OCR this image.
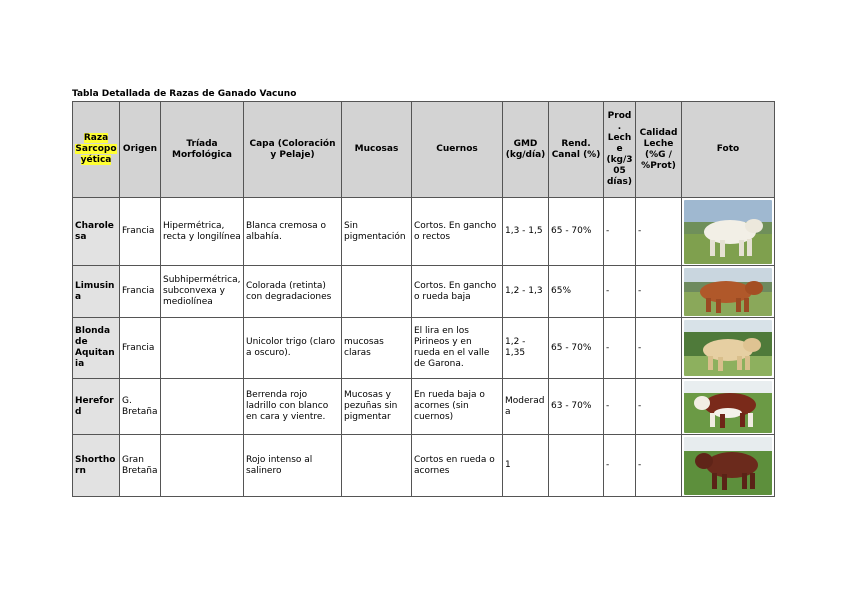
Tabla Detallada de Razas de Ganado Vacuno
Raza Sarcopoyética	Origen	Tríada Morfológica	Capa (Coloración y Pelaje)	Mucosas	Cuernos	GMD (kg/día)	Rend. Canal (%)	Prod. Leche (kg/305 días)	Calidad Leche (%G / %Prot)	Foto
Charolesa	Francia	Hipermétrica, recta y longilínea	Blanca cremosa o albahía.	Sin pigmentación	Cortos. En gancho o rectos	1,3 - 1,5	65 - 70%	-	-	

Limusina	Francia	Subhipermétrica, subconvexa y mediolínea	Colorada (retinta) con degradaciones		Cortos. En gancho o rueda baja	1,2 - 1,3	65%	-	-	

Blonda de Aquitania	Francia		Unicolor trigo (claro a oscuro).	mucosas claras	El lira en los Pirineos y en rueda en el valle de Garona.	1,2 - 1,35	65 - 70%	-	-	

Hereford	G. Bretaña		Berrenda rojo ladrillo con blanco en cara y vientre.	Mucosas y pezuñas sin pigmentar	En rueda baja o acornes (sin cuernos)	Moderada	63 - 70%	-	-	

Shorthorn	Gran Bretaña		Rojo intenso al salinero		Cortos en rueda o acornes	1		-	-	
